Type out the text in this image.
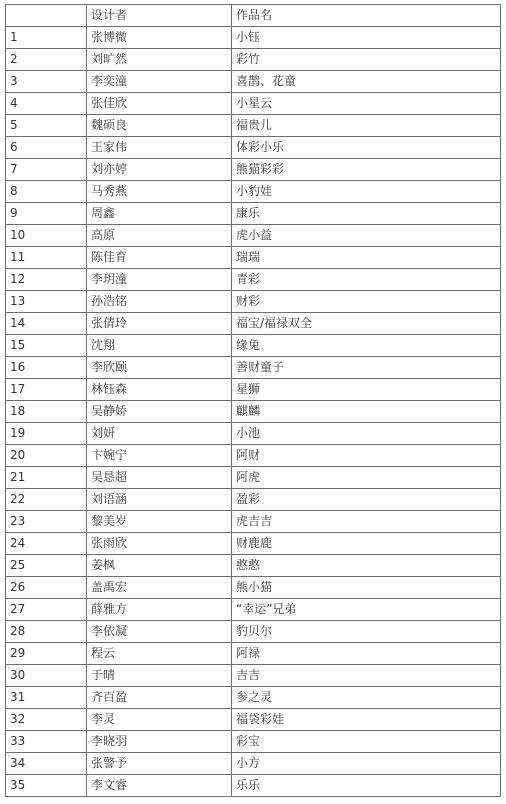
	设计者	作品名
1	张博微	小钰
2	刘旷然	彩竹
3	李奕潼	喜鹊、花童
4	张佳欣	小星云
5	魏硕良	福贵儿
6	王家伟	体彩小乐
7	刘亦婷	熊猫彩彩
8	马秀燕	小豹娃
9	周鑫	康乐
10	高原	虎小益
11	陈佳育	瑞瑞
12	李玥潼	青彩
13	孙浩铭	财彩
14	张倩玲	福宝/福禄双全
15	沈翔	缘兔
16	李欣颐	善财童子
17	林钰森	星狮
18	吴静娇	麒麟
19	刘妍	小池
20	卞婉宁	阿财
21	吴恳超	阿虎
22	刘语涵	盈彩
23	黎美岁	虎吉吉
24	张雨欣	财鹿鹿
25	姜枫	憨憨
26	盖禹宏	熊小猫
27	薛雅方	“幸运”兄弟
28	李依凝	豹贝尔
29	程云	阿禄
30	于晴	吉吉
31	齐百盈	参之灵
32	李灵	福袋彩娃
33	李晓羽	彩宝
34	张警予	小方
35	李文睿	乐乐
